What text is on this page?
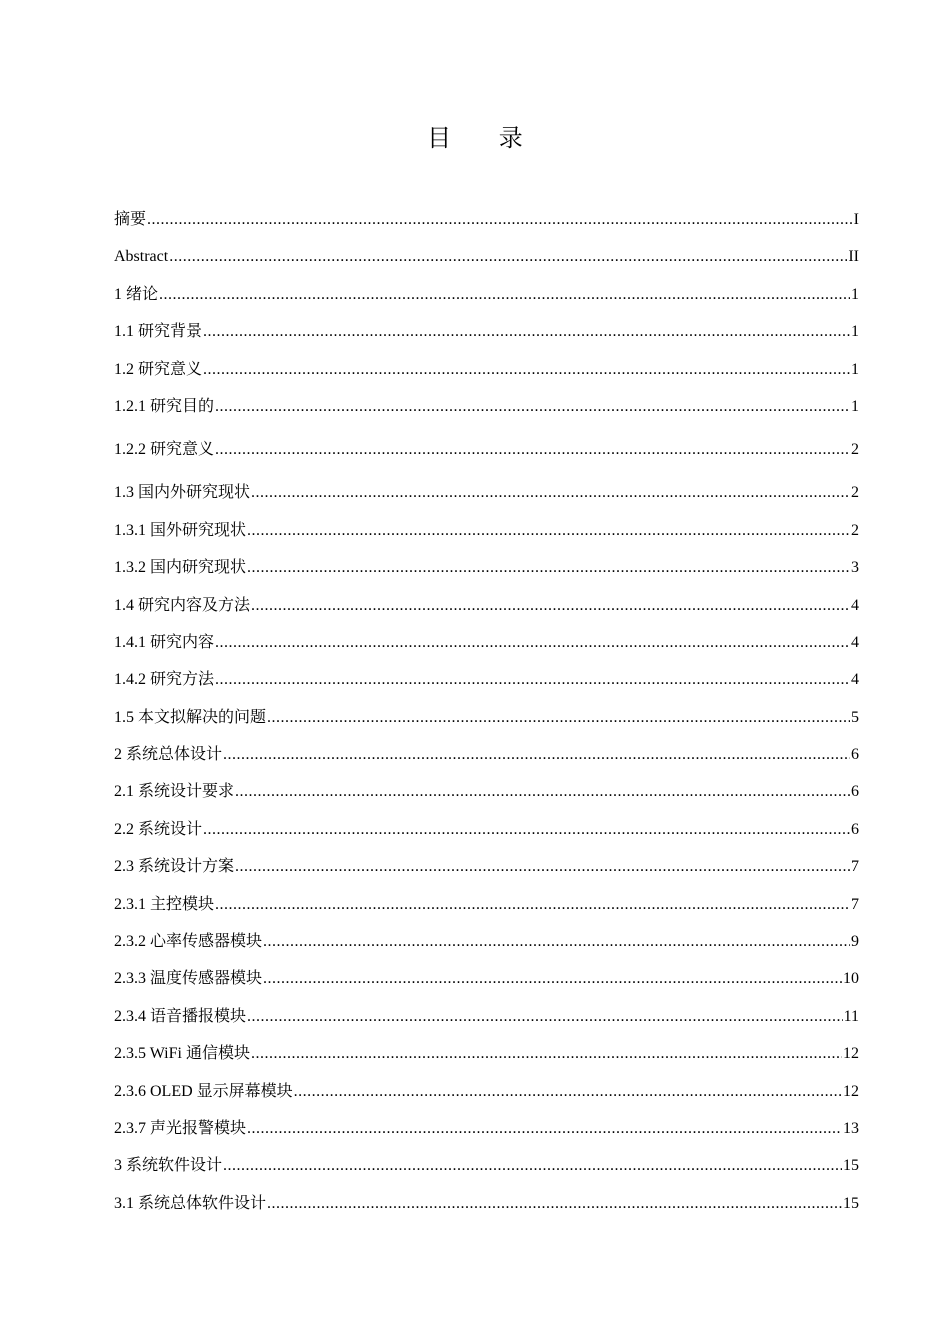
目 录
摘要 .....	I
Abstract .....	II
1 绪论 .....	1
1.1 研究背景 .....	1
1.2 研究意义 .....	1
1.2.1 研究目的 .....	1
1.2.2 研究意义 .....	2
1.3 国内外研究现状 .....	2
1.3.1 国外研究现状 .....	2
1.3.2 国内研究现状 .....	3
1.4 研究内容及方法 .....	4
1.4.1 研究内容 .....	4
1.4.2 研究方法 .....	4
1.5 本文拟解决的问题 .....	5
2 系统总体设计 .....	6
2.1 系统设计要求 .....	6
2.2 系统设计 .....	6
2.3 系统设计方案 .....	7
2.3.1 主控模块 .....	7
2.3.2 心率传感器模块 .....	9
2.3.3 温度传感器模块 .....	10
2.3.4 语音播报模块 .....	11
2.3.5 WiFi 通信模块 .....	12
2.3.6 OLED 显示屏幕模块 .....	12
2.3.7 声光报警模块 .....	13
3 系统软件设计 .....	15
3.1 系统总体软件设计 .....	15
